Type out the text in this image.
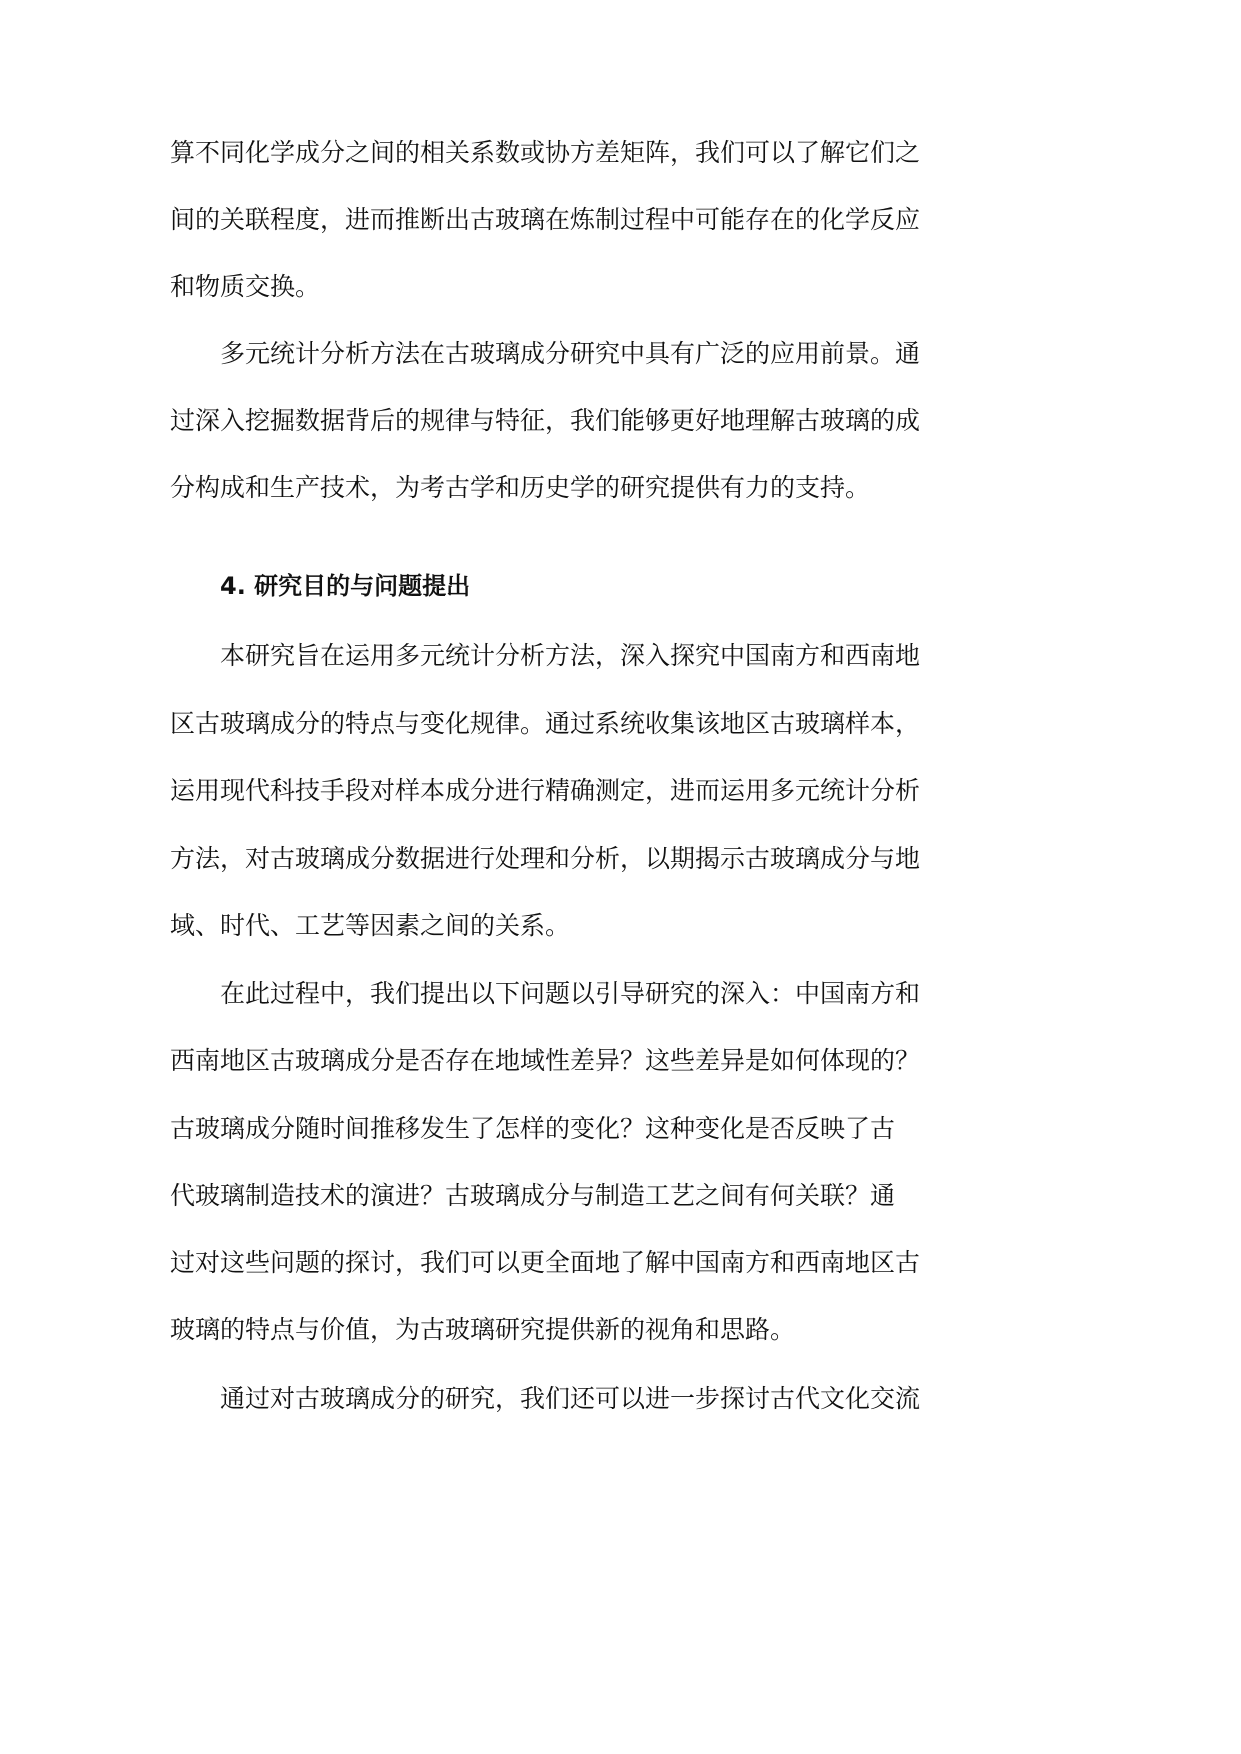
算不同化学成分之间的相关系数或协方差矩阵，我们可以了解它们之
间的关联程度，进而推断出古玻璃在炼制过程中可能存在的化学反应
和物质交换。
多元统计分析方法在古玻璃成分研究中具有广泛的应用前景。通
过深入挖掘数据背后的规律与特征，我们能够更好地理解古玻璃的成
分构成和生产技术，为考古学和历史学的研究提供有力的支持。
4. 研究目的与问题提出
本研究旨在运用多元统计分析方法，深入探究中国南方和西南地
区古玻璃成分的特点与变化规律。通过系统收集该地区古玻璃样本，
运用现代科技手段对样本成分进行精确测定，进而运用多元统计分析
方法，对古玻璃成分数据进行处理和分析，以期揭示古玻璃成分与地
域、时代、工艺等因素之间的关系。
在此过程中，我们提出以下问题以引导研究的深入：中国南方和
西南地区古玻璃成分是否存在地域性差异？这些差异是如何体现的？
古玻璃成分随时间推移发生了怎样的变化？这种变化是否反映了古
代玻璃制造技术的演进？古玻璃成分与制造工艺之间有何关联？通
过对这些问题的探讨，我们可以更全面地了解中国南方和西南地区古
玻璃的特点与价值，为古玻璃研究提供新的视角和思路。
通过对古玻璃成分的研究，我们还可以进一步探讨古代文化交流
